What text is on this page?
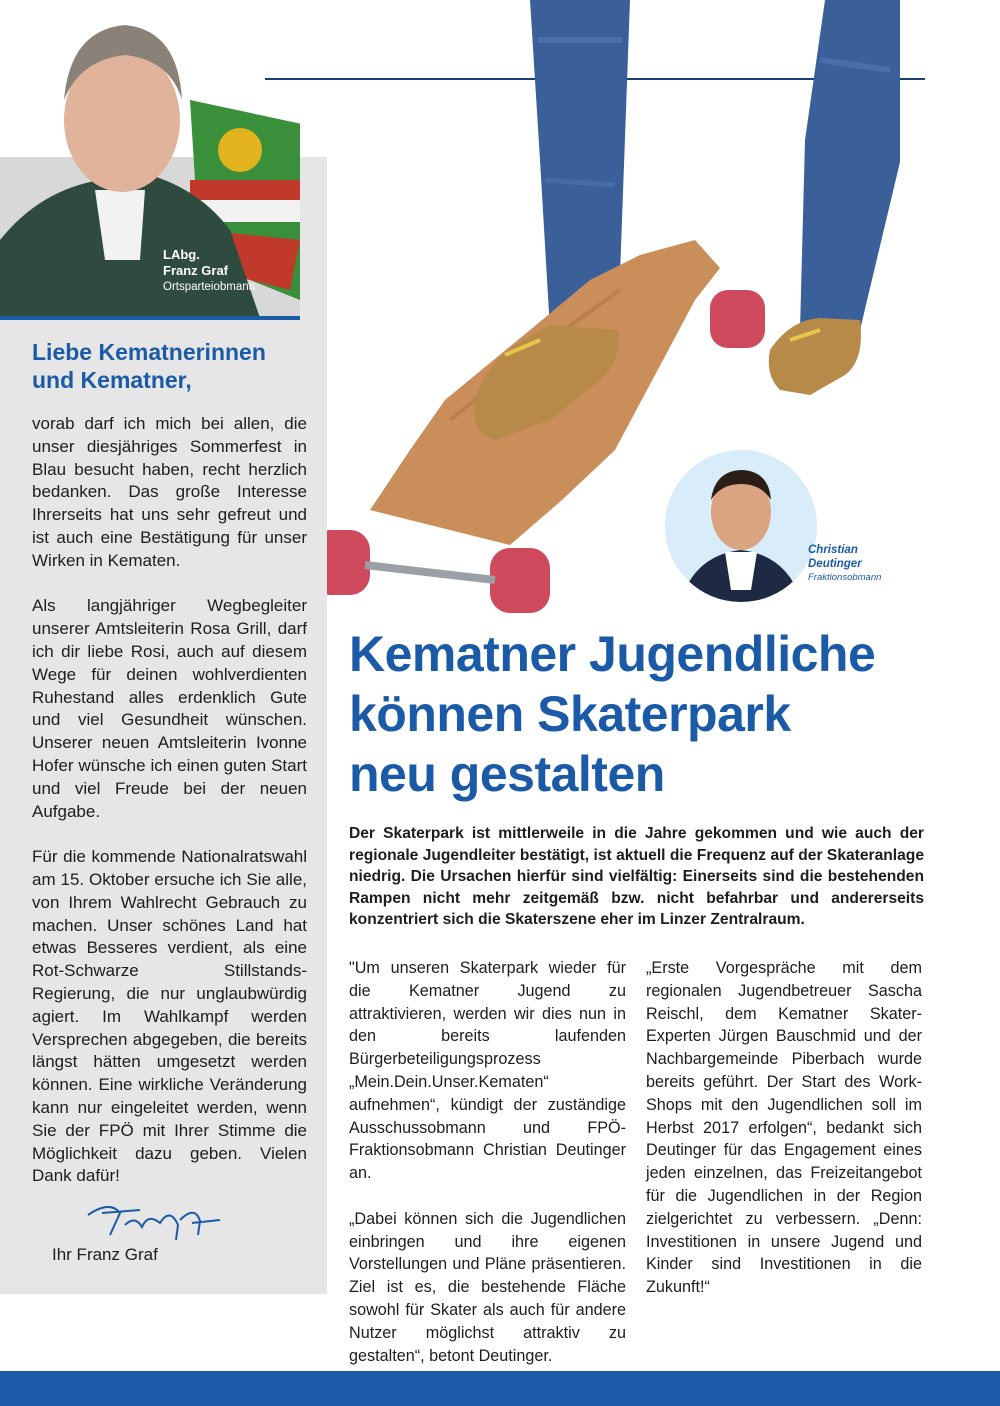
LAbg.
Franz Graf
Ortsparteiobmann
Liebe Kematnerinnen
und Kematner,

vorab darf ich mich bei allen, die unser diesjähriges Sommerfest in Blau besucht haben, recht herzlich bedanken. Das große Interesse Ihrerseits hat uns sehr gefreut und ist auch eine Bestätigung für unser Wirken in Kematen.

Als langjähriger Wegbegleiter unserer Amtsleiterin Rosa Grill, darf ich dir liebe Rosi, auch auf diesem Wege für deinen wohlverdienten Ruhestand alles erdenklich Gute und viel Gesundheit wünschen. Unserer neuen Amtsleiterin Ivonne Hofer wünsche ich einen guten Start und viel Freude bei der neuen Aufgabe.

Für die kommende Nationalratswahl am 15. Oktober ersuche ich Sie alle, von Ihrem Wahlrecht Gebrauch zu machen. Unser schönes Land hat etwas Besseres verdient, als eine Rot-Schwarze Stillstands-Regierung, die nur unglaubwürdig agiert. Im Wahlkampf werden Versprechen abgegeben, die bereits längst hätten umgesetzt werden können. Eine wirkliche Veränderung kann nur eingeleitet werden, wenn Sie der FPÖ mit Ihrer Stimme die Möglichkeit dazu geben. Vielen Dank dafür!

Ihr Franz Graf
Christian
Deutinger
Fraktionsobmann
Kematner Jugendliche
können Skaterpark
neu gestalten
Der Skaterpark ist mittlerweile in die Jahre gekommen und wie auch der regionale Jugendleiter bestätigt, ist aktuell die Frequenz auf der Skateranlage niedrig. Die Ursachen hierfür sind vielfältig: Einerseits sind die bestehenden Rampen nicht mehr zeitgemäß bzw. nicht befahrbar und andererseits konzentriert sich die Skaterszene eher im Linzer Zentralraum.

"Um unseren Skaterpark wieder für die Kematner Jugend zu attraktivieren, werden wir dies nun in den bereits laufenden Bürgerbeteiligungsprozess „Mein.Dein.Unser.Kematen“ aufnehmen“, kündigt der zuständige Ausschussobmann und FPÖ-Fraktionsobmann Christian Deutinger an.

„Dabei können sich die Jugendlichen einbringen und ihre eigenen Vorstellungen und Pläne präsentieren. Ziel ist es, die bestehende Fläche sowohl für Skater als auch für andere Nutzer möglichst attraktiv zu gestalten“, betont Deutinger.

„Erste Vorgespräche mit dem regionalen Jugendbetreuer Sascha Reischl, dem Kematner Skater-Experten Jürgen Bauschmid und der Nachbargemeinde Piberbach wurde bereits geführt. Der Start des Work-Shops mit den Jugendlichen soll im Herbst 2017 erfolgen“, bedankt sich Deutinger für das Engagement eines jeden einzelnen, das Freizeitangebot für die Jugendlichen in der Region zielgerichtet zu verbessern. „Denn: Investitionen in unsere Jugend und Kinder sind Investitionen in die Zukunft!“
